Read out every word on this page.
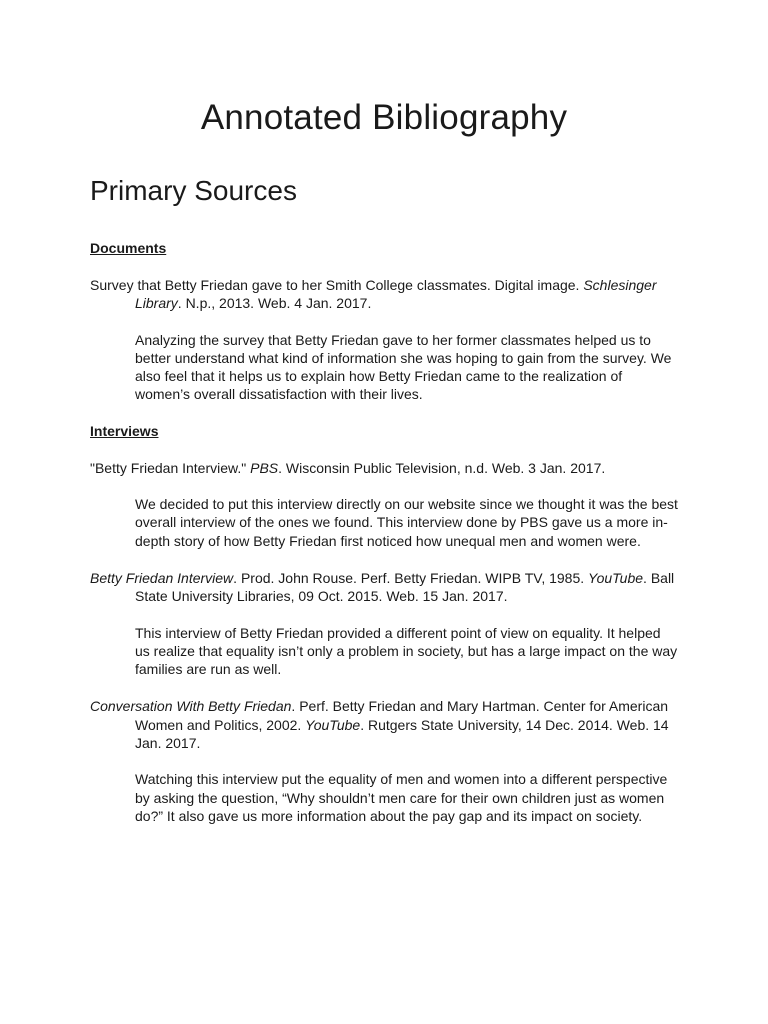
Annotated Bibliography
Primary Sources

Documents

Survey that Betty Friedan gave to her Smith College classmates. Digital image. Schlesinger Library. N.p., 2013. Web. 4 Jan. 2017.

Analyzing the survey that Betty Friedan gave to her former classmates helped us to better understand what kind of information she was hoping to gain from the survey. We also feel that it helps us to explain how Betty Friedan came to the realization of women’s overall dissatisfaction with their lives.

Interviews

"Betty Friedan Interview." PBS. Wisconsin Public Television, n.d. Web. 3 Jan. 2017.

We decided to put this interview directly on our website since we thought it was the best overall interview of the ones we found. This interview done by PBS gave us a more in- depth story of how Betty Friedan first noticed how unequal men and women were.

Betty Friedan Interview. Prod. John Rouse. Perf. Betty Friedan. WIPB TV, 1985. YouTube. Ball State University Libraries, 09 Oct. 2015. Web. 15 Jan. 2017.

This interview of Betty Friedan provided a different point of view on equality. It helped us realize that equality isn’t only a problem in society, but has a large impact on the way families are run as well.

Conversation With Betty Friedan. Perf. Betty Friedan and Mary Hartman. Center for American Women and Politics, 2002. YouTube. Rutgers State University, 14 Dec. 2014. Web. 14 Jan. 2017.

Watching this interview put the equality of men and women into a different perspective by asking the question, “Why shouldn’t men care for their own children just as women do?” It also gave us more information about the pay gap and its impact on society.
